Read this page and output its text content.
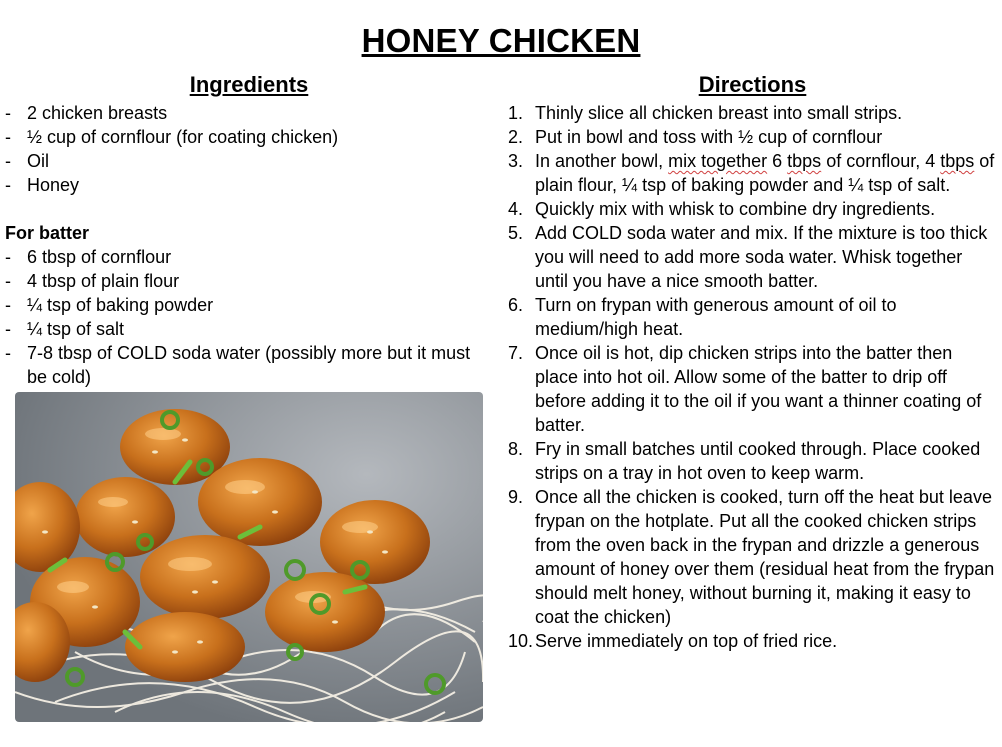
HONEY CHICKEN
Ingredients	Directions
- 2 chicken breasts
- ½ cup of cornflour (for coating chicken)
- Oil
- Honey
For batter
- 6 tbsp of cornflour
- 4 tbsp of plain flour
- ¼ tsp of baking powder
- ¼ tsp of salt
- 7-8 tbsp of COLD soda water (possibly more but it must be cold)
1. Thinly slice all chicken breast into small strips.
2. Put in bowl and toss with ½ cup of cornflour
3. In another bowl, mix together 6 tbps of cornflour, 4 tbps of plain flour, ¼ tsp of baking powder and ¼ tsp of salt.
4. Quickly mix with whisk to combine dry ingredients.
5. Add COLD soda water and mix. If the mixture is too thick you will need to add more soda water. Whisk together until you have a nice smooth batter.
6. Turn on frypan with generous amount of oil to medium/high heat.
7. Once oil is hot, dip chicken strips into the batter then place into hot oil. Allow some of the batter to drip off before adding it to the oil if you want a thinner coating of batter.
8. Fry in small batches until cooked through. Place cooked strips on a tray in hot oven to keep warm.
9. Once all the chicken is cooked, turn off the heat but leave frypan on the hotplate. Put all the cooked chicken strips from the oven back in the frypan and drizzle a generous amount of honey over them (residual heat from the frypan should melt honey, without burning it, making it easy to coat the chicken)
10. Serve immediately on top of fried rice.
